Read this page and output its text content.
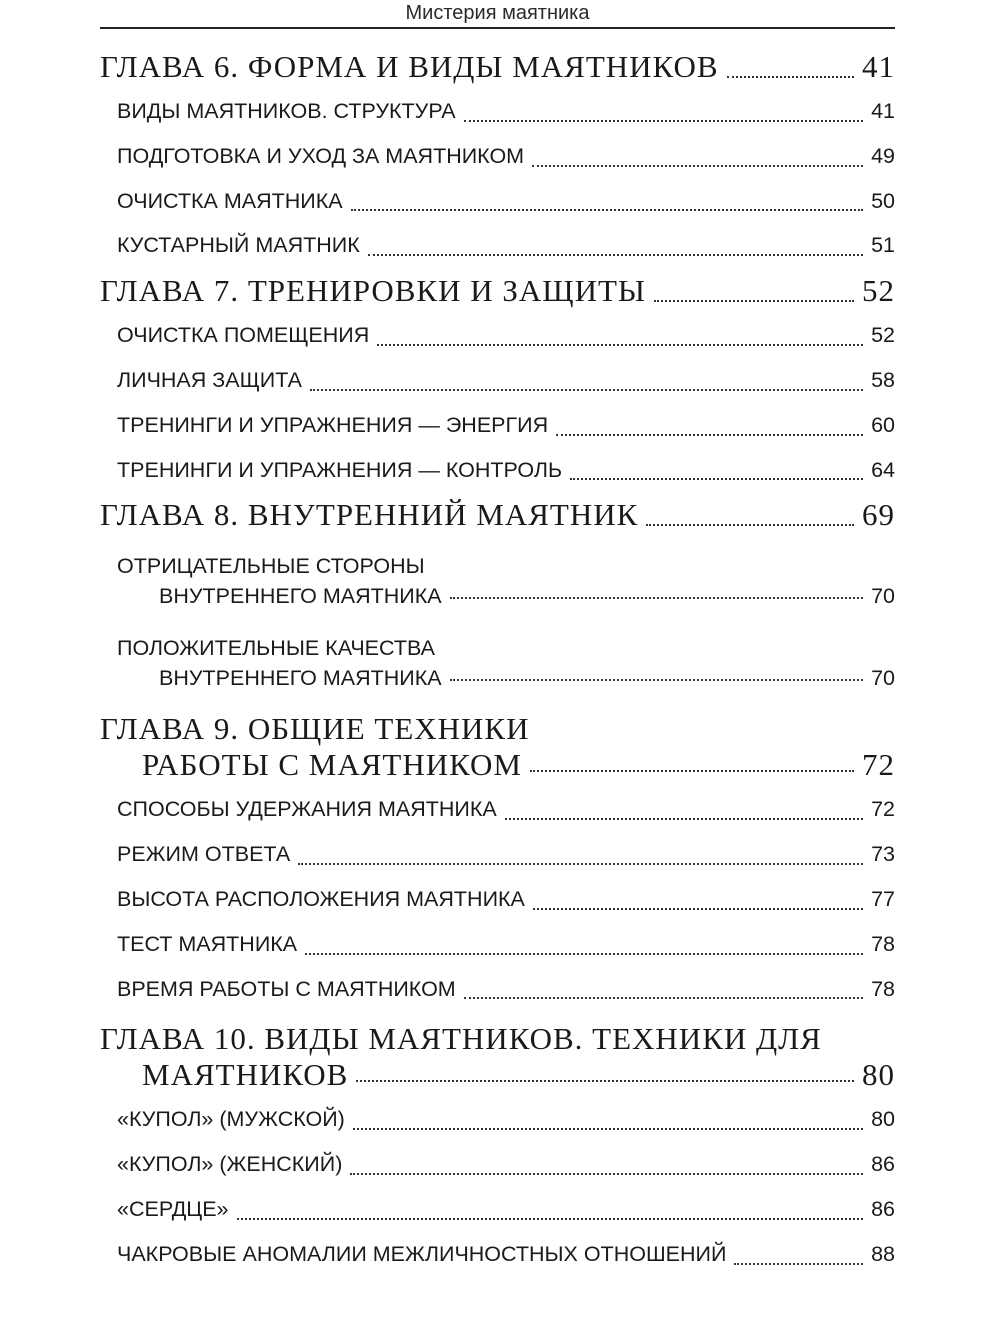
Мистерия маятника
ГЛАВА 6. ФОРМА И ВИДЫ МАЯТНИКОВ	41
ВИДЫ МАЯТНИКОВ. СТРУКТУРА	41
ПОДГОТОВКА И УХОД ЗА МАЯТНИКОМ	49
ОЧИСТКА МАЯТНИКА	50
КУСТАРНЫЙ МАЯТНИК	51
ГЛАВА 7. ТРЕНИРОВКИ И ЗАЩИТЫ	52
ОЧИСТКА ПОМЕЩЕНИЯ	52
ЛИЧНАЯ ЗАЩИТА	58
ТРЕНИНГИ И УПРАЖНЕНИЯ — ЭНЕРГИЯ	60
ТРЕНИНГИ И УПРАЖНЕНИЯ — КОНТРОЛЬ	64
ГЛАВА 8. ВНУТРЕННИЙ МАЯТНИК	69
ОТРИЦАТЕЛЬНЫЕ СТОРОНЫ
ВНУТРЕННЕГО МАЯТНИКА	70
ПОЛОЖИТЕЛЬНЫЕ КАЧЕСТВА
ВНУТРЕННЕГО МАЯТНИКА	70
ГЛАВА 9. ОБЩИЕ ТЕХНИКИ
РАБОТЫ С МАЯТНИКОМ	72
СПОСОБЫ УДЕРЖАНИЯ МАЯТНИКА	72
РЕЖИМ ОТВЕТА	73
ВЫСОТА РАСПОЛОЖЕНИЯ МАЯТНИКА	77
ТЕСТ МАЯТНИКА	78
ВРЕМЯ РАБОТЫ С МАЯТНИКОМ	78
ГЛАВА 10. ВИДЫ МАЯТНИКОВ. ТЕХНИКИ ДЛЯ
МАЯТНИКОВ	80
«КУПОЛ» (МУЖСКОЙ)	80
«КУПОЛ» (ЖЕНСКИЙ)	86
«СЕРДЦЕ»	86
ЧАКРОВЫЕ АНОМАЛИИ МЕЖЛИЧНОСТНЫХ ОТНОШЕНИЙ	88
